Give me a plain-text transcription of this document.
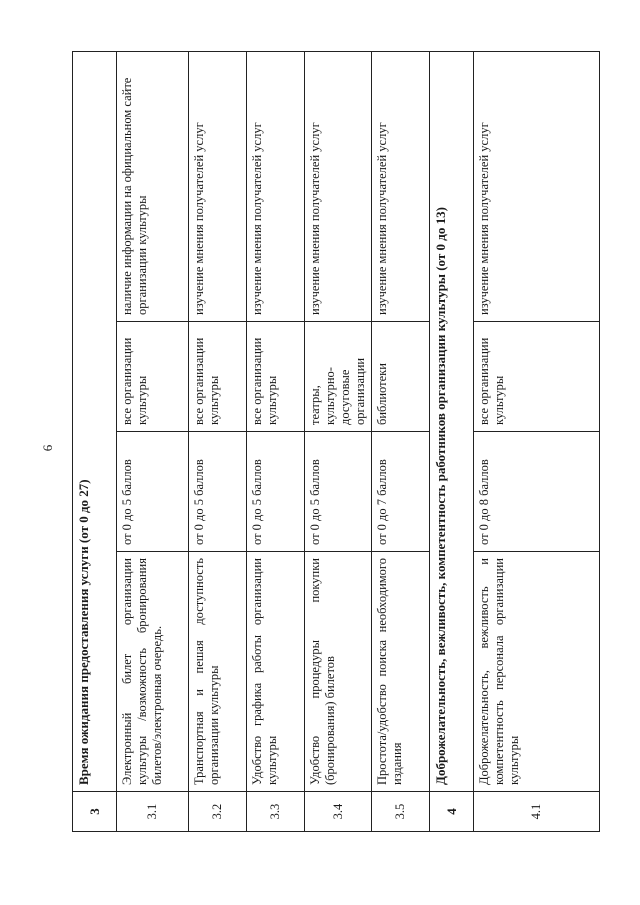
6
3	Время ожидания предоставления услуги (от 0 до 27)			
3.1	Электронный билет организации культуры /возможность бронирования билетов/электронная очередь.	от 0 до 5 баллов	все организации культуры	наличие информации на официальном сайте организации культуры
3.2	Транспортная и пешая доступность организации культуры	от 0 до 5 баллов	все организации культуры	изучение мнения получателей услуг
3.3	Удобство графика работы организации культуры	от 0 до 5 баллов	все организации культуры	изучение мнения получателей услуг
3.4	Удобство процедуры покупки (бронирования) билетов	от 0 до 5 баллов	театры, культурно-досуговые организации	изучение мнения получателей услуг
3.5	Простота/удобство поиска необходимого издания	от 0 до 7 баллов	библиотеки	изучение мнения получателей услуг
4	Доброжелательность, вежливость, компетентность работников организации культуры (от 0 до 13)			
4.1	Доброжелательность, вежливость и компетентность персонала организации культуры	от 0 до 8 баллов	все организации культуры	изучение мнения получателей услуг
